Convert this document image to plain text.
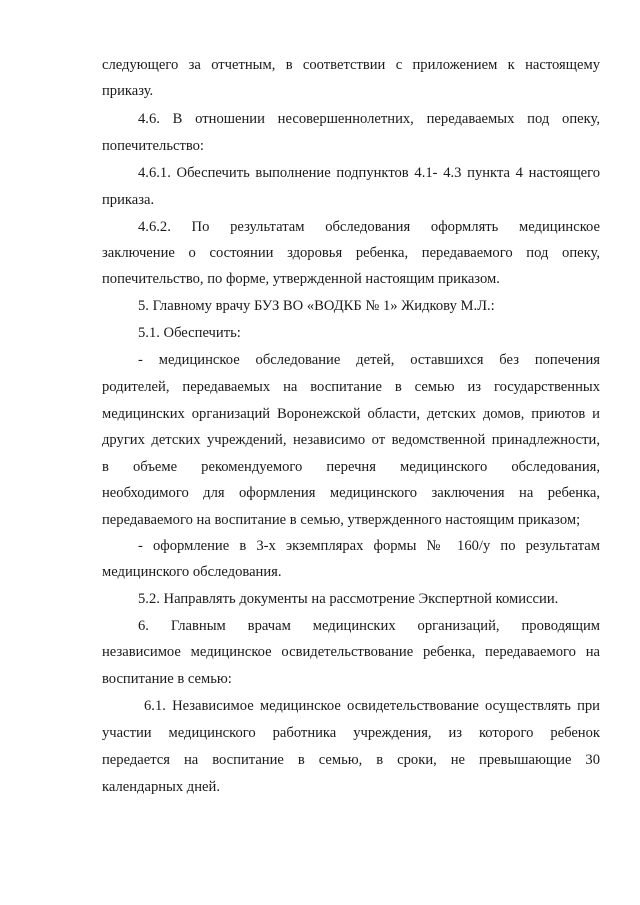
следующего за отчетным, в соответствии с приложением к настоящему
приказу.
4.6. В отношении несовершеннолетних, передаваемых под опеку,
попечительство:
4.6.1. Обеспечить выполнение подпунктов 4.1- 4.3 пункта 4 настоящего
приказа.
4.6.2. По результатам обследования оформлять медицинское
заключение о состоянии здоровья ребенка, передаваемого под опеку,
попечительство, по форме, утвержденной настоящим приказом.
5. Главному врачу БУЗ ВО «ВОДКБ № 1» Жидкову М.Л.:
5.1. Обеспечить:
- медицинское обследование детей, оставшихся без попечения
родителей, передаваемых на воспитание в семью из государственных
медицинских организаций Воронежской области, детских домов, приютов и
других детских учреждений, независимо от ведомственной принадлежности,
в объеме рекомендуемого перечня медицинского обследования,
необходимого для оформления медицинского заключения на ребенка,
передаваемого на воспитание в семью, утвержденного настоящим приказом;
- оформление в 3-х экземплярах формы № 160/у по результатам
медицинского обследования.
5.2. Направлять документы на рассмотрение Экспертной комиссии.
6. Главным врачам медицинских организаций, проводящим
независимое медицинское освидетельствование ребенка, передаваемого на
воспитание в семью:
6.1. Независимое медицинское освидетельствование осуществлять при
участии медицинского работника учреждения, из которого ребенок
передается на воспитание в семью, в сроки, не превышающие 30
календарных дней.
